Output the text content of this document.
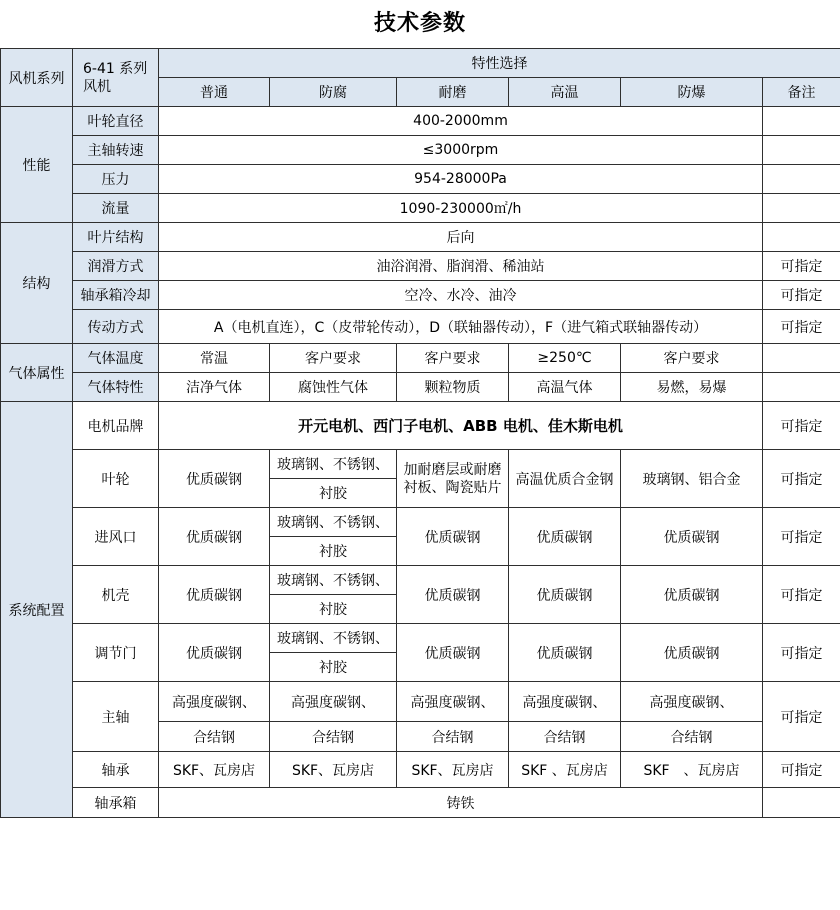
技术参数
风机系列	6-41 系列风机	特性选择					
		普通	防腐	耐磨	高温	防爆	备注
性能	叶轮直径	400-2000mm					
	主轴转速	≤3000rpm					
	压力	954-28000Pa					
	流量	1090-230000㎡/h					
结构	叶片结构	后向					
	润滑方式	油浴润滑、脂润滑、稀油站					可指定
	轴承箱冷却	空冷、水冷、油冷					可指定
	传动方式	A（电机直连），C（皮带轮传动），D（联轴器传动），F（进气箱式联轴器传动）					可指定
气体属性	气体温度	常温	客户要求	客户要求	≥250℃	客户要求	
	气体特性	洁净气体	腐蚀性气体	颗粒物质	高温气体	易燃，易爆	
系统配置	电机品牌	开元电机、西门子电机、ABB 电机、佳木斯电机					可指定
	叶轮	优质碳钢	玻璃钢、不锈钢、	加耐磨层或耐磨衬板、陶瓷贴片	高温优质合金钢	玻璃钢、铝合金	可指定
			衬胶				
	进风口	优质碳钢	玻璃钢、不锈钢、	优质碳钢	优质碳钢	优质碳钢	可指定
			衬胶				
	机壳	优质碳钢	玻璃钢、不锈钢、	优质碳钢	优质碳钢	优质碳钢	可指定
			衬胶				
	调节门	优质碳钢	玻璃钢、不锈钢、	优质碳钢	优质碳钢	优质碳钢	可指定
			衬胶				
	主轴	高强度碳钢、	高强度碳钢、	高强度碳钢、	高强度碳钢、	高强度碳钢、	可指定
		合结钢	合结钢	合结钢	合结钢	合结钢	
	轴承	SKF、瓦房店	SKF、瓦房店	SKF、瓦房店	SKF 、瓦房店	SKF　、瓦房店	可指定
	轴承箱	铸铁					
